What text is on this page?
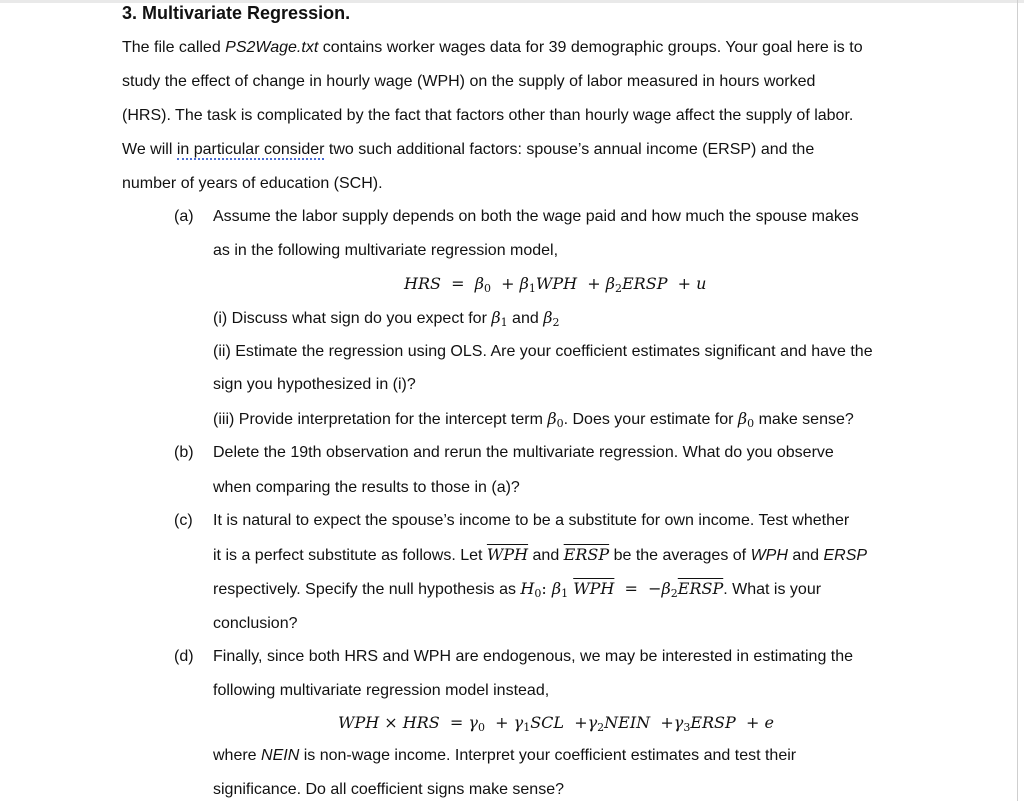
3. Multivariate Regression.
The file called PS2Wage.txt contains worker wages data for 39 demographic groups. Your goal here is to
study the effect of change in hourly wage (WPH) on the supply of labor measured in hours worked
(HRS). The task is complicated by the fact that factors other than hourly wage affect the supply of labor.
We will in particular consider two such additional factors: spouse’s annual income (ERSP) and the
number of years of education (SCH).
(a) Assume the labor supply depends on both the wage paid and how much the spouse makes
as in the following multivariate regression model,
HRS  =  $\beta_0 + \beta_1WPH$  + $\beta_2ERSP + u$
(i) Discuss what sign do you expect for $\beta_1$ and $\beta_2$
(ii) Estimate the regression using OLS. Are your coefficient estimates significant and have the
sign you hypothesized in (i)?
(iii) Provide interpretation for the intercept term $\beta_0$. Does your estimate for $\beta_0$ make sense?
(b) Delete the 19th observation and rerun the multivariate regression. What do you observe
when comparing the results to those in (a)?
(c) It is natural to expect the spouse’s income to be a substitute for own income. Test whether
it is a perfect substitute as follows. Let $\overline{WPH}$ and ERSP be the averages of WPH and ERSP
respectively. Specify the null hypothesis as $H_0$: $\beta_1$ $\overline{WPH}$  =  $-\beta_2ERSP$. What is your
conclusion?
(d) Finally, since both HRS and WPH are endogenous, we may be interested in estimating the
following multivariate regression model instead,
WPH × HRS  = $\gamma_0 + \gamma_1SCL$  $+\gamma_2NEIN$  $+\gamma_3ERSP + e$
where NEIN is non-wage income. Interpret your coefficient estimates and test their
significance. Do all coefficient signs make sense?
